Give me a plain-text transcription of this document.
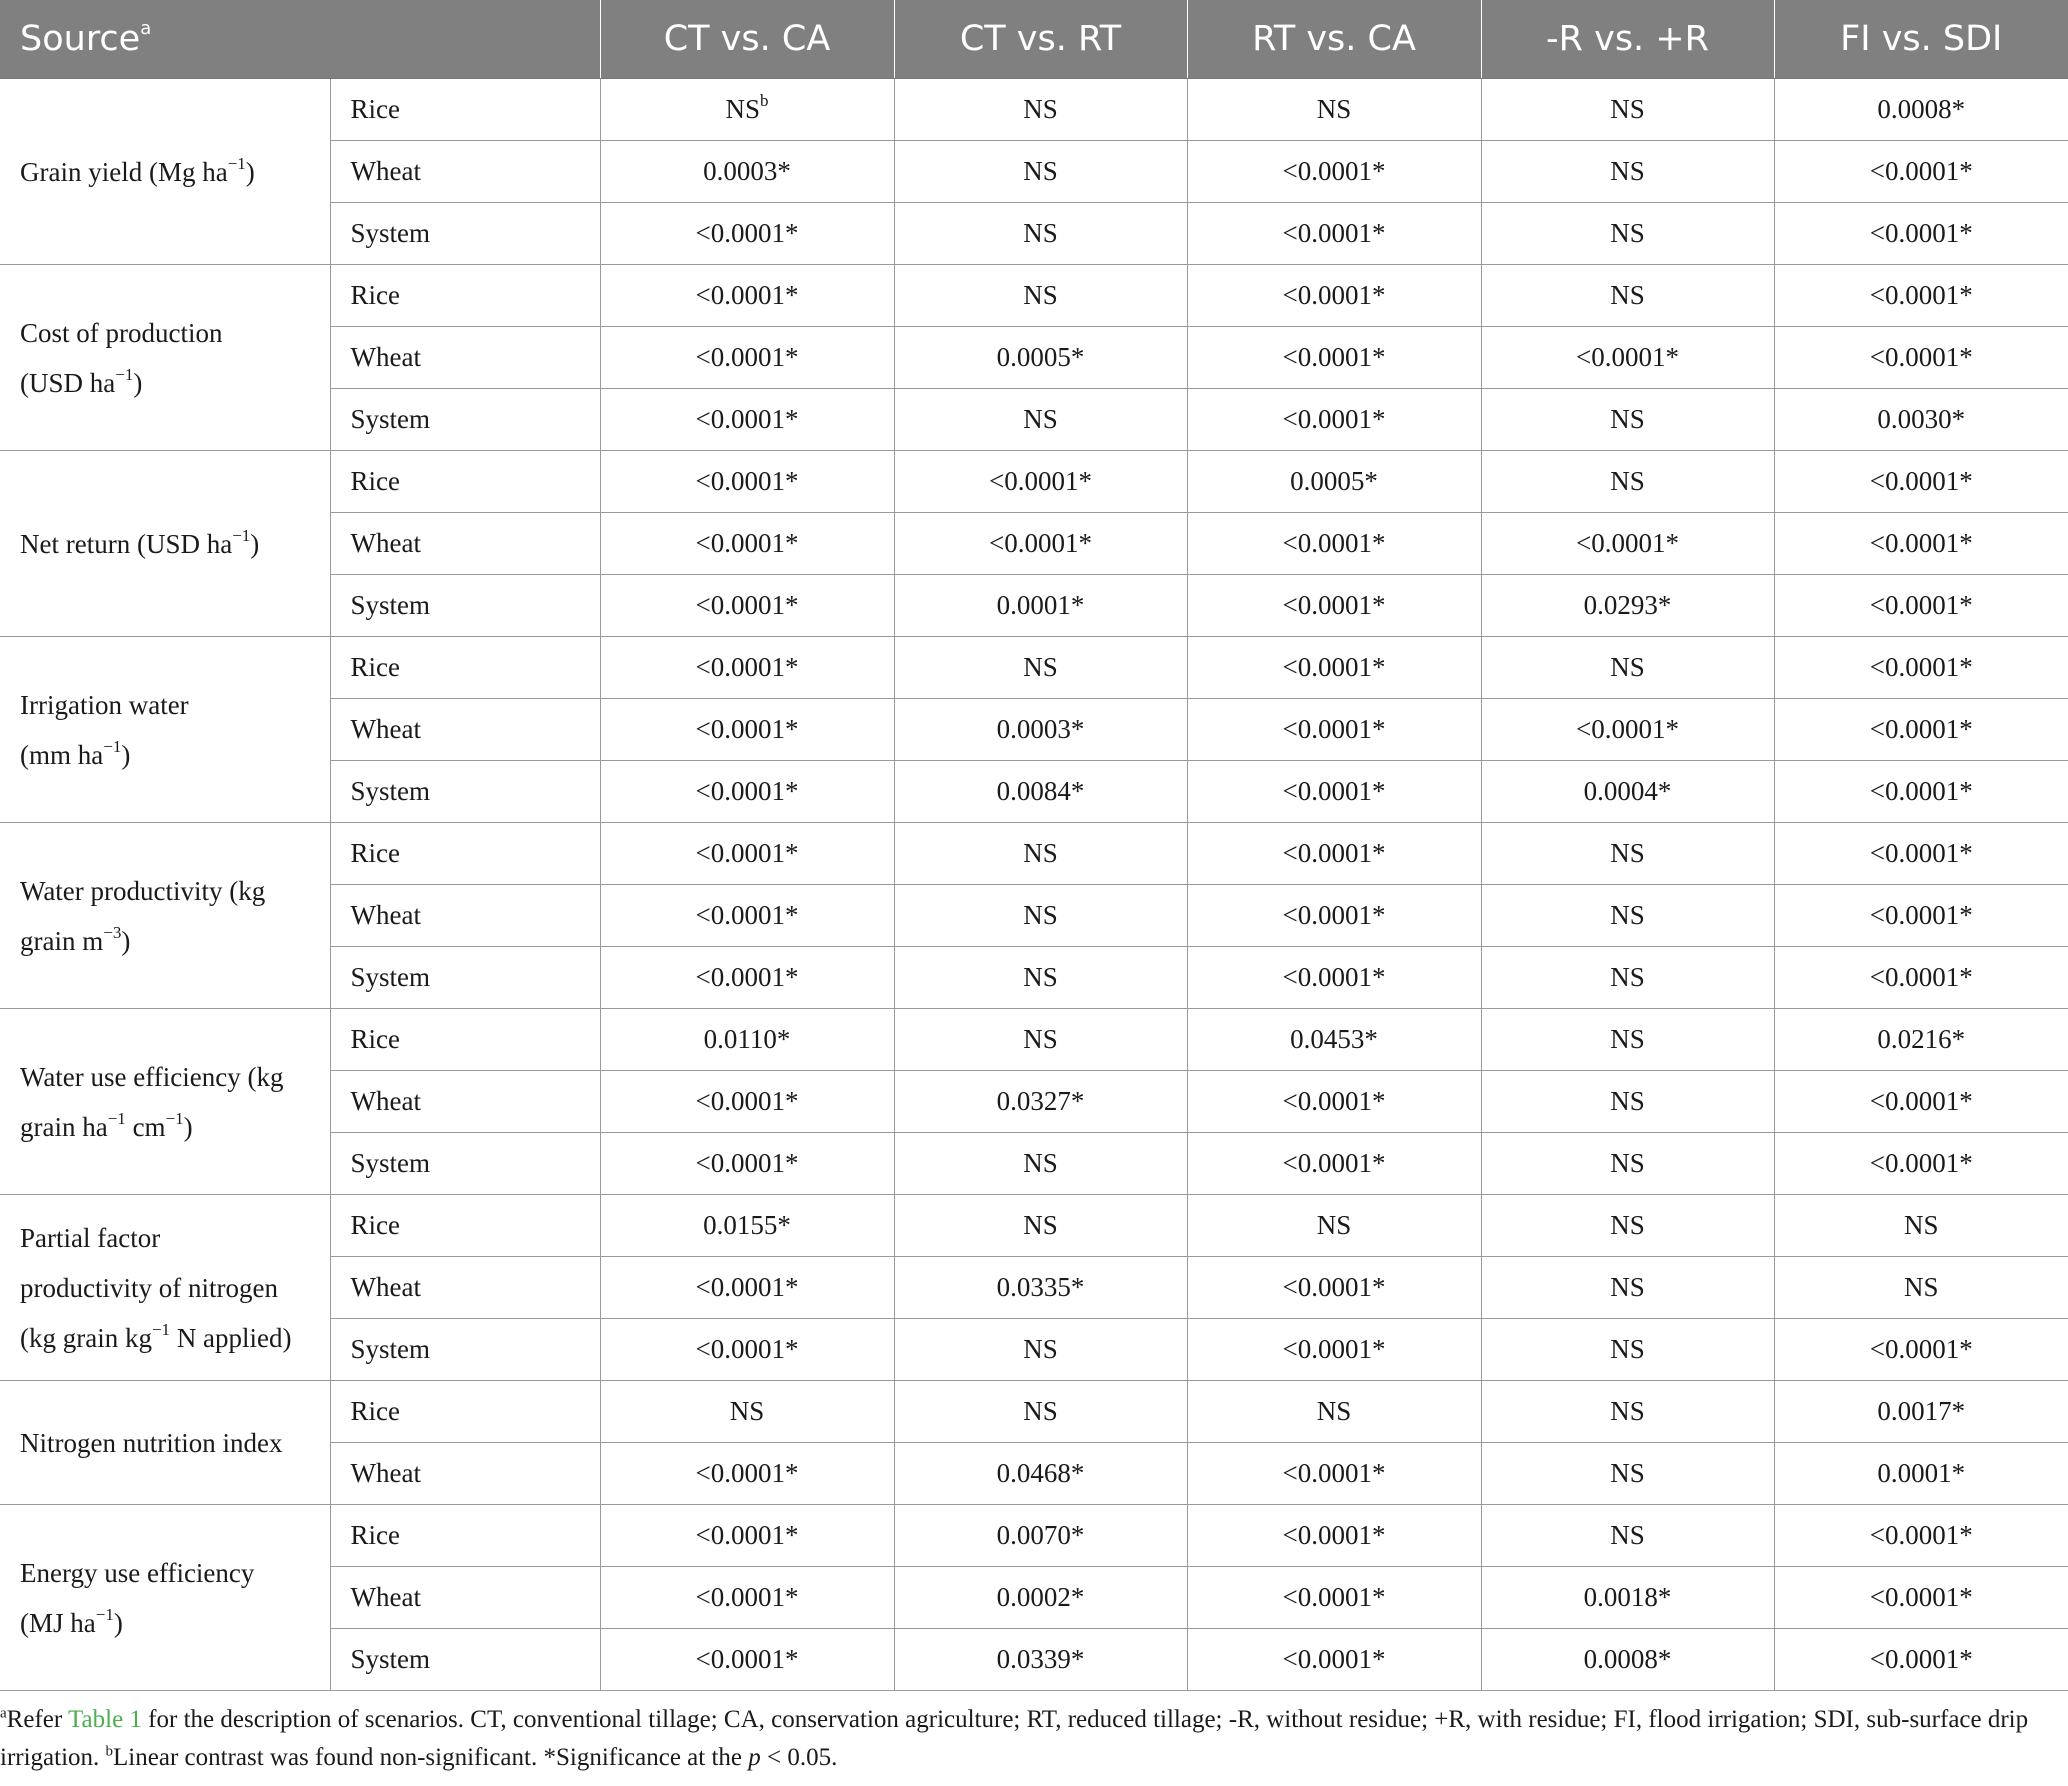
Source$^a$		CT vs. CA	CT vs. RT	RT vs. CA	-R vs. +R	FI vs. SDI
Grain yield (Mg $ha^{-1}$)	Rice	$NS^b$	NS	NS	NS	0.0008*
	Wheat	0.0003*	NS	<0.0001*	NS	<0.0001*
	System	<0.0001*	NS	<0.0001*	NS	<0.0001*
Cost of production
(USD $ha^{-1}$)	Rice	<0.0001*	NS	<0.0001*	NS	<0.0001*
	Wheat	<0.0001*	0.0005*	<0.0001*	<0.0001*	<0.0001*
	System	<0.0001*	NS	<0.0001*	NS	0.0030*
Net return (USD $ha^{-1}$)	Rice	<0.0001*	<0.0001*	0.0005*	NS	<0.0001*
	Wheat	<0.0001*	<0.0001*	<0.0001*	<0.0001*	<0.0001*
	System	<0.0001*	0.0001*	<0.0001*	0.0293*	<0.0001*
Irrigation water
(mm $ha^{-1}$)	Rice	<0.0001*	NS	<0.0001*	NS	<0.0001*
	Wheat	<0.0001*	0.0003*	<0.0001*	<0.0001*	<0.0001*
	System	<0.0001*	0.0084*	<0.0001*	0.0004*	<0.0001*
Water productivity (kg
grain $m^{-3}$)	Rice	<0.0001*	NS	<0.0001*	NS	<0.0001*
	Wheat	<0.0001*	NS	<0.0001*	NS	<0.0001*
	System	<0.0001*	NS	<0.0001*	NS	<0.0001*
Water use efficiency (kg
grain $ha^{-1}$ $cm^{-1}$)	Rice	0.0110*	NS	0.0453*	NS	0.0216*
	Wheat	<0.0001*	0.0327*	<0.0001*	NS	<0.0001*
	System	<0.0001*	NS	<0.0001*	NS	<0.0001*
Partial factor
productivity of nitrogen
(kg grain $kg^{-1}$ N applied)	Rice	0.0155*	NS	NS	NS	NS
	Wheat	<0.0001*	0.0335*	<0.0001*	NS	NS
	System	<0.0001*	NS	<0.0001*	NS	<0.0001*
Nitrogen nutrition index	Rice	NS	NS	NS	NS	0.0017*
	Wheat	<0.0001*	0.0468*	<0.0001*	NS	0.0001*
Energy use efficiency
(MJ $ha^{-1}$)	Rice	<0.0001*	0.0070*	<0.0001*	NS	<0.0001*
	Wheat	<0.0001*	0.0002*	<0.0001*	0.0018*	<0.0001*
	System	<0.0001*	0.0339*	<0.0001*	0.0008*	<0.0001*
$^a$Refer Table 1 for the description of scenarios. CT, conventional tillage; CA, conservation agriculture; RT, reduced tillage; -R, without residue; +R, with residue; FI, flood irrigation; SDI, sub-surface drip irrigation. $^b$Linear contrast was found non-significant. *Significance at the p < 0.05.
